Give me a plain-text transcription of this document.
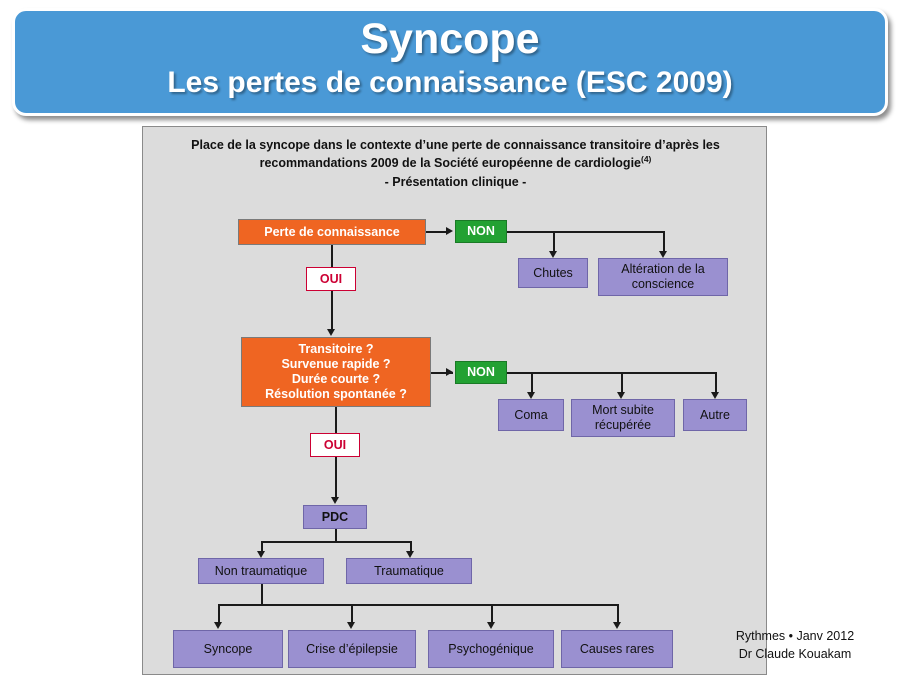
Syncope
Les pertes de connaissance (ESC 2009)
Place de la syncope dans le contexte d’une perte de connaissance transitoire d’après les recommandations 2009 de la Société européenne de cardiologie$^{(4)}$
- Présentation clinique -
Perte de connaissance	NON
Chutes	Altération de la conscience
OUI
Transitoire ?
Survenue rapide ?
Durée courte ?
Résolution spontanée ?
NON
Coma	Mort subite récupérée
Autre
OUI
PDC
Non traumatique	Traumatique
Syncope	Crise d’épilepsie	Psychogénique	Causes rares
Rythmes • Janv 2012
Dr Claude Kouakam
